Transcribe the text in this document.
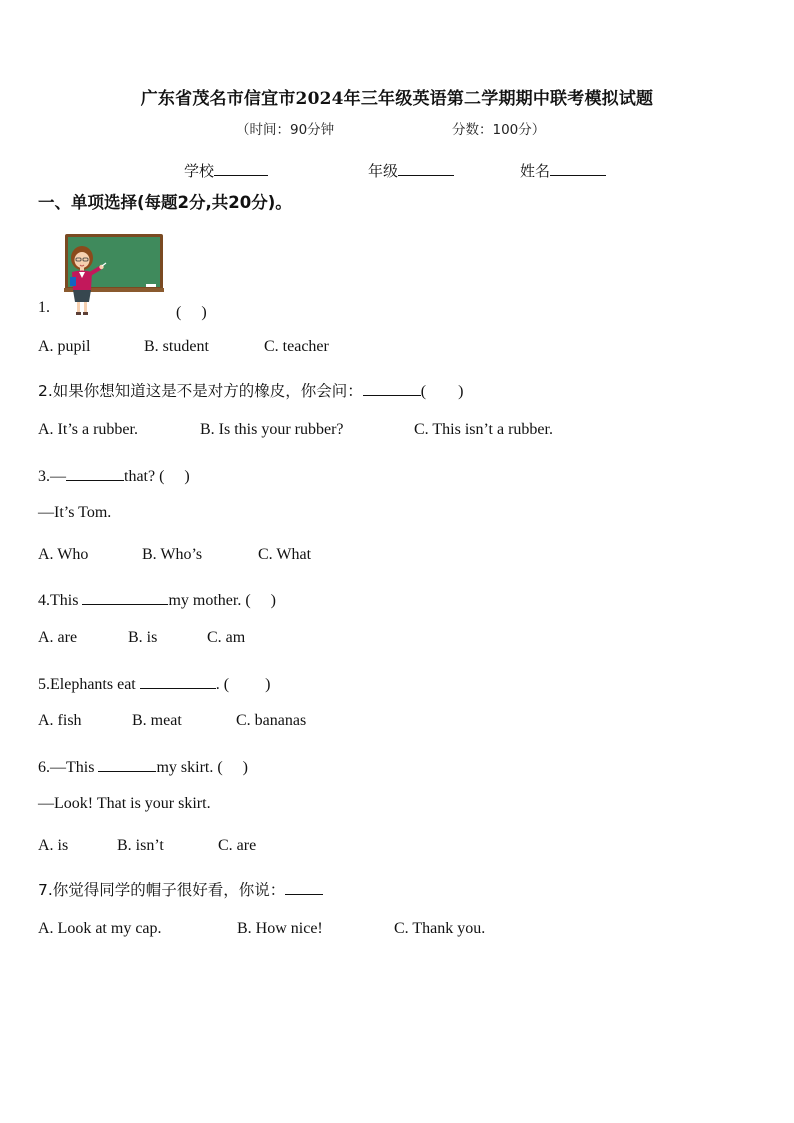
广东省茂名市信宜市2024年三年级英语第二学期期中联考模拟试题
（时间：90分钟	分数：100分）
学校	年级	姓名
一、单项选择(每题2分,共20分)。
1.	(　 )
A. pupil	B. student	C. teacher
2.如果你想知道这是不是对方的橡皮，你会问：	(　　)
A. It’s a rubber.	B. Is this your rubber?	C. This isn’t a rubber.
3.—	that? (　 )
—It’s Tom.
A. Who	B. Who’s	C. What
4.This	my mother. (　 )
A. are	B. is	C. am
5.Elephants eat	. (　　 )
A. fish	B. meat	C. bananas
6.—This	my skirt. (　 )
—Look! That is your skirt.
A. is	B. isn’t	C. are
7.你觉得同学的帽子很好看，你说：
A. Look at my cap.	B. How nice!	C. Thank you.
